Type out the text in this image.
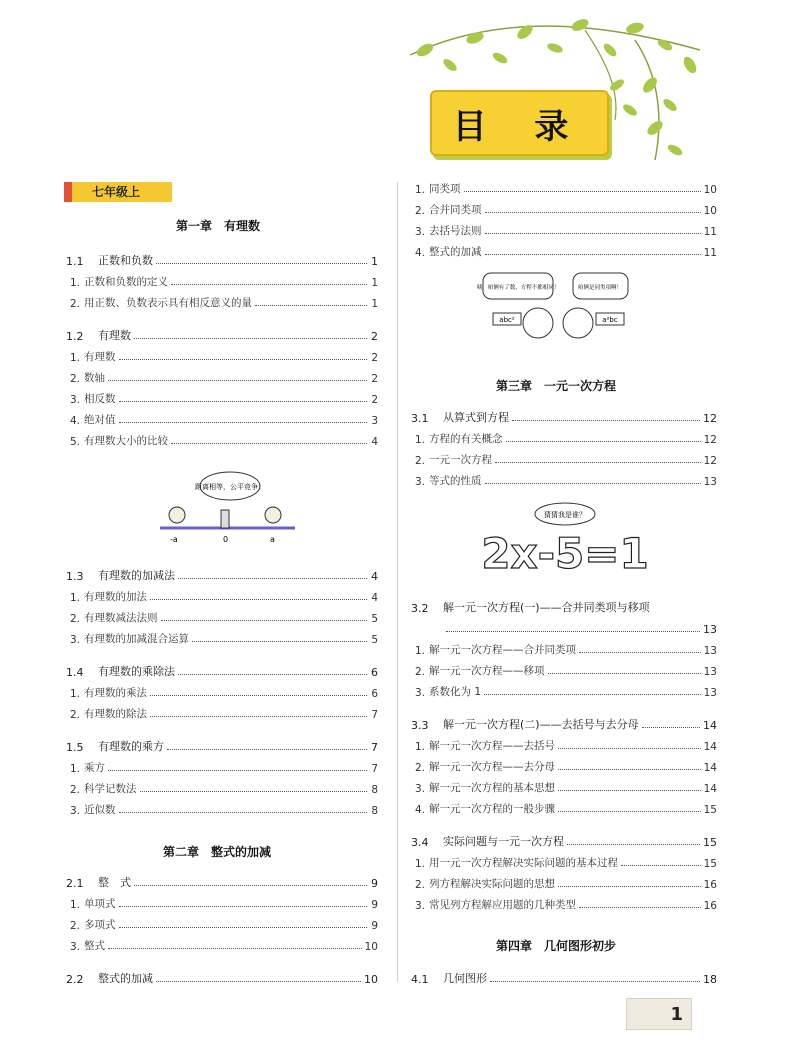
目 录
七年级上
第一章　有理数
1.1	正数和负数	1
1. 正数和负数的定义	1
2. 用正数、负数表示具有相反意义的量	1
1.2	有理数	2
1. 有理数	2
2. 数轴	2
3. 相反数	2
4. 绝对值	3
5. 有理数大小的比较	4
1.3	有理数的加减法	4
1. 有理数的加法	4
2. 有理数减法法则	5
3. 有理数的加减混合运算	5
1.4	有理数的乘除法	6
1. 有理数的乘法	6
2. 有理数的除法	7
1.5	有理数的乘方	7
1. 乘方	7
2. 科学记数法	8
3. 近似数	8
2.1	整　式	9
1. 单项式	9
2. 多项式	9
3. 整式	10
2.2	整式的加减	10
距离相等，公平竞争！
-a	0	a
第二章　整式的加减
1. 同类项	10
2. 合并同类项	10
3. 去括号法则	11
4. 整式的加减	11
3.1	从算式到方程	12
1. 方程的有关概念	12
2. 一元一次方程	12
3. 等式的性质	13
3.2	解一元一次方程(一)——合并同类项与移项
13
1. 解一元一次方程——合并同类项	13
2. 解一元一次方程——移项	13
3. 系数化为 1	13
3.3	解一元一次方程(二)——去括号与去分母	14
1. 解一元一次方程——去括号	14
2. 解一元一次方程——去分母	14
3. 解一元一次方程的基本思想	14
4. 解一元一次方程的一般步骤	15
3.4	实际问题与一元一次方程	15
1. 用一元一次方程解决实际问题的基本过程	15
2. 列方程解决实际问题的思想	16
3. 常见列方程解应用题的几种类型	16
4.1	几何图形	18
咦，咱俩有了数，方程不都相同！	咱俩是同类项啊！
abc²	a²bc
第三章　一元一次方程
猜猜我是谁？
2x-5=1
第四章　几何图形初步
1
